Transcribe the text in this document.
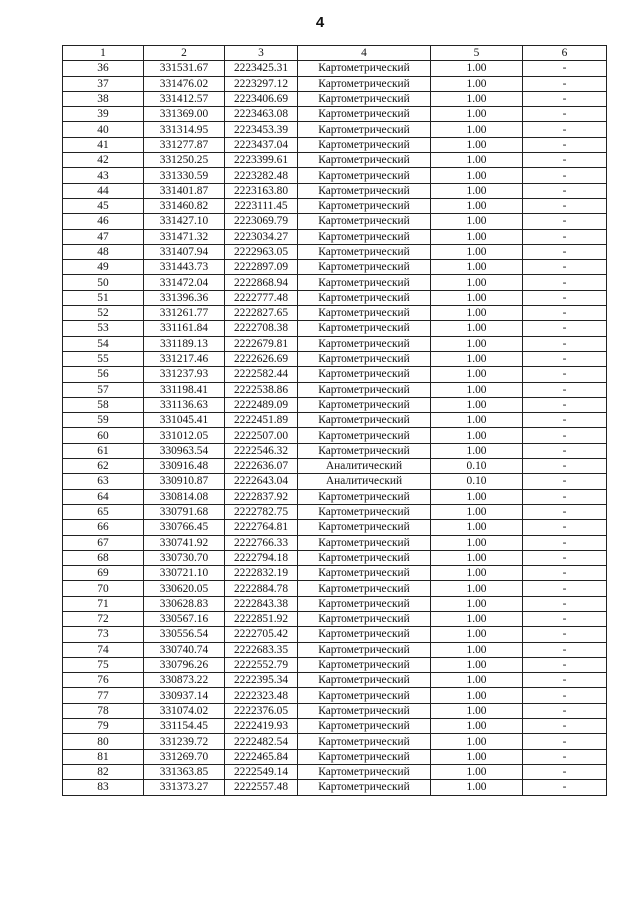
4
1	2	3	4	5	6
36	331531.67	2223425.31	Картометрический	1.00	-
37	331476.02	2223297.12	Картометрический	1.00	-
38	331412.57	2223406.69	Картометрический	1.00	-
39	331369.00	2223463.08	Картометрический	1.00	-
40	331314.95	2223453.39	Картометрический	1.00	-
41	331277.87	2223437.04	Картометрический	1.00	-
42	331250.25	2223399.61	Картометрический	1.00	-
43	331330.59	2223282.48	Картометрический	1.00	-
44	331401.87	2223163.80	Картометрический	1.00	-
45	331460.82	2223111.45	Картометрический	1.00	-
46	331427.10	2223069.79	Картометрический	1.00	-
47	331471.32	2223034.27	Картометрический	1.00	-
48	331407.94	2222963.05	Картометрический	1.00	-
49	331443.73	2222897.09	Картометрический	1.00	-
50	331472.04	2222868.94	Картометрический	1.00	-
51	331396.36	2222777.48	Картометрический	1.00	-
52	331261.77	2222827.65	Картометрический	1.00	-
53	331161.84	2222708.38	Картометрический	1.00	-
54	331189.13	2222679.81	Картометрический	1.00	-
55	331217.46	2222626.69	Картометрический	1.00	-
56	331237.93	2222582.44	Картометрический	1.00	-
57	331198.41	2222538.86	Картометрический	1.00	-
58	331136.63	2222489.09	Картометрический	1.00	-
59	331045.41	2222451.89	Картометрический	1.00	-
60	331012.05	2222507.00	Картометрический	1.00	-
61	330963.54	2222546.32	Картометрический	1.00	-
62	330916.48	2222636.07	Аналитический	0.10	-
63	330910.87	2222643.04	Аналитический	0.10	-
64	330814.08	2222837.92	Картометрический	1.00	-
65	330791.68	2222782.75	Картометрический	1.00	-
66	330766.45	2222764.81	Картометрический	1.00	-
67	330741.92	2222766.33	Картометрический	1.00	-
68	330730.70	2222794.18	Картометрический	1.00	-
69	330721.10	2222832.19	Картометрический	1.00	-
70	330620.05	2222884.78	Картометрический	1.00	-
71	330628.83	2222843.38	Картометрический	1.00	-
72	330567.16	2222851.92	Картометрический	1.00	-
73	330556.54	2222705.42	Картометрический	1.00	-
74	330740.74	2222683.35	Картометрический	1.00	-
75	330796.26	2222552.79	Картометрический	1.00	-
76	330873.22	2222395.34	Картометрический	1.00	-
77	330937.14	2222323.48	Картометрический	1.00	-
78	331074.02	2222376.05	Картометрический	1.00	-
79	331154.45	2222419.93	Картометрический	1.00	-
80	331239.72	2222482.54	Картометрический	1.00	-
81	331269.70	2222465.84	Картометрический	1.00	-
82	331363.85	2222549.14	Картометрический	1.00	-
83	331373.27	2222557.48	Картометрический	1.00	-
